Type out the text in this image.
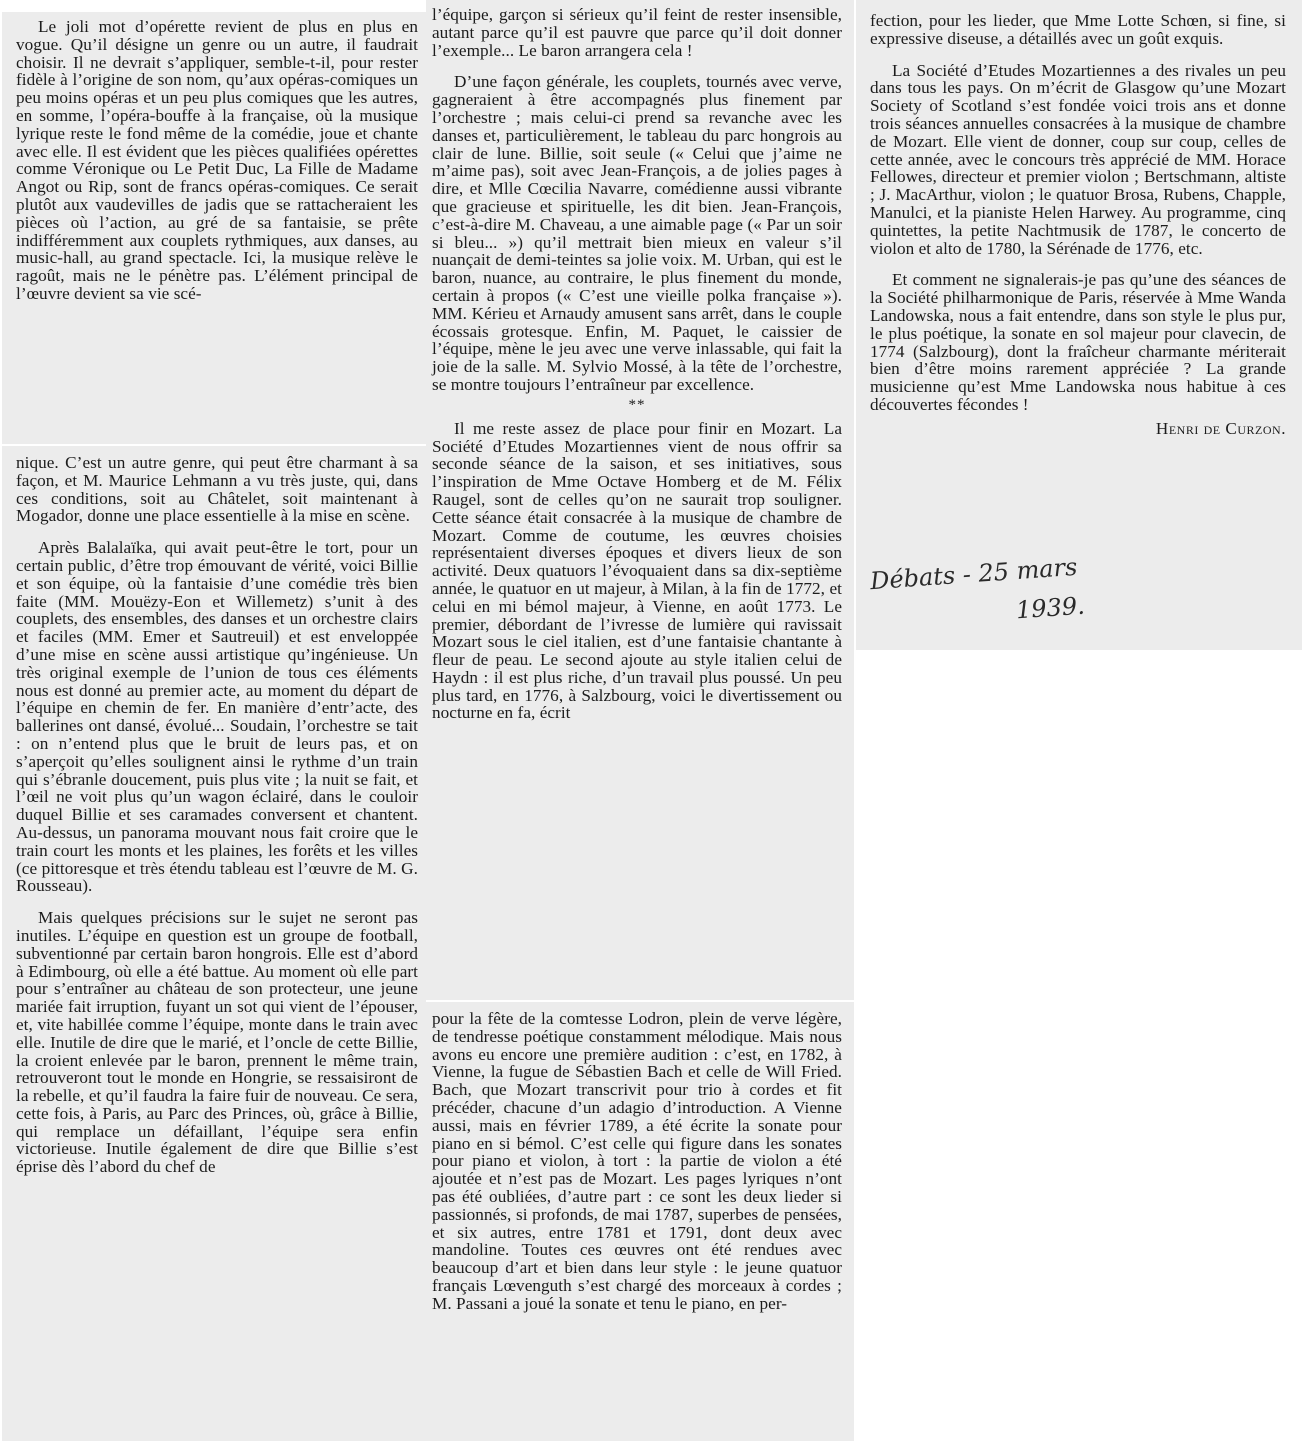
Le joli mot d’opérette revient de plus en plus en vogue. Qu’il désigne un genre ou un autre, il faudrait choisir. Il ne devrait s’appliquer, semble-t-il, pour rester fidèle à l’origine de son nom, qu’aux opéras-comiques un peu moins opéras et un peu plus comiques que les autres, en somme, l’opéra-bouffe à la française, où la musique lyrique reste le fond même de la comédie, joue et chante avec elle. Il est évident que les pièces qualifiées opérettes comme Véronique ou Le Petit Duc, La Fille de Madame Angot ou Rip, sont de francs opéras-comiques. Ce serait plutôt aux vaudevilles de jadis que se rattacheraient les pièces où l’action, au gré de sa fantaisie, se prête indifféremment aux couplets rythmiques, aux danses, au music-hall, au grand spectacle. Ici, la musique relève le ragoût, mais ne le pénètre pas. L’élément principal de l’œuvre devient sa vie scé-

nique. C’est un autre genre, qui peut être charmant à sa façon, et M. Maurice Lehmann a vu très juste, qui, dans ces conditions, soit au Châtelet, soit maintenant à Mogador, donne une place essentielle à la mise en scène.

Après Balalaïka, qui avait peut-être le tort, pour un certain public, d’être trop émouvant de vérité, voici Billie et son équipe, où la fantaisie d’une comédie très bien faite (MM. Mouëzy-Eon et Willemetz) s’unit à des couplets, des ensembles, des danses et un orchestre clairs et faciles (MM. Emer et Sautreuil) et est enveloppée d’une mise en scène aussi artistique qu’ingénieuse. Un très original exemple de l’union de tous ces éléments nous est donné au premier acte, au moment du départ de l’équipe en chemin de fer. En manière d’entr’acte, des ballerines ont dansé, évolué... Soudain, l’orchestre se tait : on n’entend plus que le bruit de leurs pas, et on s’aperçoit qu’elles soulignent ainsi le rythme d’un train qui s’ébranle doucement, puis plus vite ; la nuit se fait, et l’œil ne voit plus qu’un wagon éclairé, dans le couloir duquel Billie et ses caramades conversent et chantent. Au-dessus, un panorama mouvant nous fait croire que le train court les monts et les plaines, les forêts et les villes (ce pittoresque et très étendu tableau est l’œuvre de M. G. Rousseau).

Mais quelques précisions sur le sujet ne seront pas inutiles. L’équipe en question est un groupe de football, subventionné par certain baron hongrois. Elle est d’abord à Edimbourg, où elle a été battue. Au moment où elle part pour s’entraîner au château de son protecteur, une jeune mariée fait irruption, fuyant un sot qui vient de l’épouser, et, vite habillée comme l’équipe, monte dans le train avec elle. Inutile de dire que le marié, et l’oncle de cette Billie, la croient enlevée par le baron, prennent le même train, retrouveront tout le monde en Hongrie, se ressaisiront de la rebelle, et qu’il faudra la faire fuir de nouveau. Ce sera, cette fois, à Paris, au Parc des Princes, où, grâce à Billie, qui remplace un défaillant, l’équipe sera enfin victorieuse. Inutile également de dire que Billie s’est éprise dès l’abord du chef de

l’équipe, garçon si sérieux qu’il feint de rester insensible, autant parce qu’il est pauvre que parce qu’il doit donner l’exemple... Le baron arrangera cela !

D’une façon générale, les couplets, tournés avec verve, gagneraient à être accompagnés plus finement par l’orchestre ; mais celui-ci prend sa revanche avec les danses et, particulièrement, le tableau du parc hongrois au clair de lune. Billie, soit seule (« Celui que j’aime ne m’aime pas), soit avec Jean-François, a de jolies pages à dire, et Mlle Cœcilia Navarre, comédienne aussi vibrante que gracieuse et spirituelle, les dit bien. Jean-François, c’est-à-dire M. Chaveau, a une aimable page (« Par un soir si bleu... ») qu’il mettrait bien mieux en valeur s’il nuançait de demi-teintes sa jolie voix. M. Urban, qui est le baron, nuance, au contraire, le plus finement du monde, certain à propos (« C’est une vieille polka française »). MM. Kérieu et Arnaudy amusent sans arrêt, dans le couple écossais grotesque. Enfin, M. Paquet, le caissier de l’équipe, mène le jeu avec une verve inlassable, qui fait la joie de la salle. M. Sylvio Mossé, à la tête de l’orchestre, se montre toujours l’entraîneur par excellence.

**

Il me reste assez de place pour finir en Mozart. La Société d’Etudes Mozartiennes vient de nous offrir sa seconde séance de la saison, et ses initiatives, sous l’inspiration de Mme Octave Homberg et de M. Félix Raugel, sont de celles qu’on ne saurait trop souligner. Cette séance était consacrée à la musique de chambre de Mozart. Comme de coutume, les œuvres choisies représentaient diverses époques et divers lieux de son activité. Deux quatuors l’évoquaient dans sa dix-septième année, le quatuor en ut majeur, à Milan, à la fin de 1772, et celui en mi bémol majeur, à Vienne, en août 1773. Le premier, débordant de l’ivresse de lumière qui ravissait Mozart sous le ciel italien, est d’une fantaisie chantante à fleur de peau. Le second ajoute au style italien celui de Haydn : il est plus riche, d’un travail plus poussé. Un peu plus tard, en 1776, à Salzbourg, voici le divertissement ou nocturne en fa, écrit

pour la fête de la comtesse Lodron, plein de verve légère, de tendresse poétique constamment mélodique. Mais nous avons eu encore une première audition : c’est, en 1782, à Vienne, la fugue de Sébastien Bach et celle de Will Fried. Bach, que Mozart transcrivit pour trio à cordes et fit précéder, chacune d’un adagio d’introduction. A Vienne aussi, mais en février 1789, a été écrite la sonate pour piano en si bémol. C’est celle qui figure dans les sonates pour piano et violon, à tort : la partie de violon a été ajoutée et n’est pas de Mozart. Les pages lyriques n’ont pas été oubliées, d’autre part : ce sont les deux lieder si passionnés, si profonds, de mai 1787, superbes de pensées, et six autres, entre 1781 et 1791, dont deux avec mandoline. Toutes ces œuvres ont été rendues avec beaucoup d’art et bien dans leur style : le jeune quatuor français Lœvenguth s’est chargé des morceaux à cordes ; M. Passani a joué la sonate et tenu le piano, en per-

fection, pour les lieder, que Mme Lotte Schœn, si fine, si expressive diseuse, a détaillés avec un goût exquis.

La Société d’Etudes Mozartiennes a des rivales un peu dans tous les pays. On m’écrit de Glasgow qu’une Mozart Society of Scotland s’est fondée voici trois ans et donne trois séances annuelles consacrées à la musique de chambre de Mozart. Elle vient de donner, coup sur coup, celles de cette année, avec le concours très apprécié de MM. Horace Fellowes, directeur et premier violon ; Bertschmann, altiste ; J. MacArthur, violon ; le quatuor Brosa, Rubens, Chapple, Manulci, et la pianiste Helen Harwey. Au programme, cinq quintettes, la petite Nachtmusik de 1787, le concerto de violon et alto de 1780, la Sérénade de 1776, etc.

Et comment ne signalerais-je pas qu’une des séances de la Société philharmonique de Paris, réservée à Mme Wanda Landowska, nous a fait entendre, dans son style le plus pur, le plus poétique, la sonate en sol majeur pour clavecin, de 1774 (Salzbourg), dont la fraîcheur charmante mériterait bien d’être moins rarement appréciée ? La grande musicienne qu’est Mme Landowska nous habitue à ces découvertes fécondes !

Henri de Curzon.
Débats - 25 mars
1939.
